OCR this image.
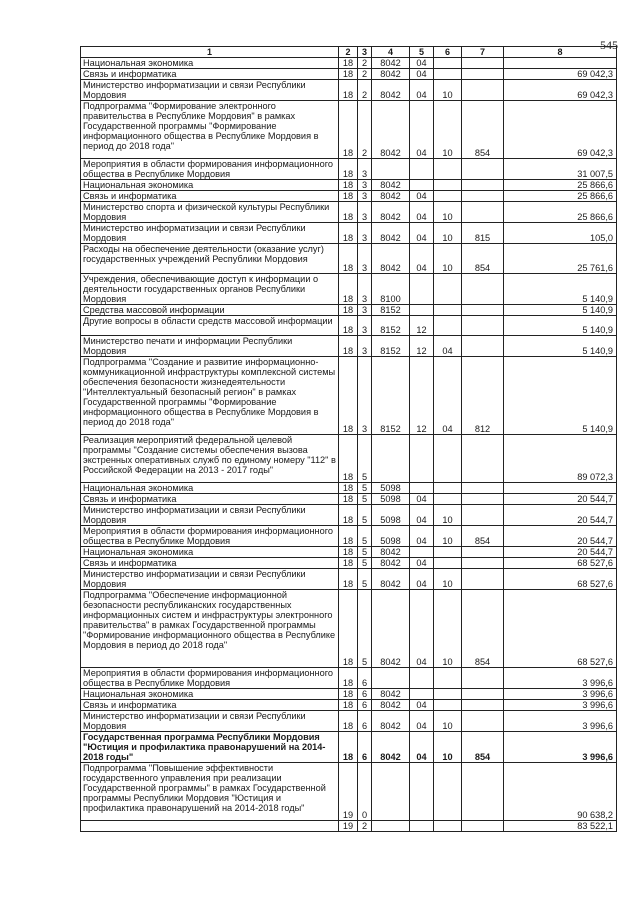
545
1	2	3	4	5	6	7	8
Национальная экономика	18	2	8042	04			
Связь и информатика	18	2	8042	04			69 042,3
Министерство информатизации и связи Республики Мордовия	18	2	8042	04	10		69 042,3
Подпрограмма "Формирование электронного правительства в Республике Мордовия" в рамках Государственной программы "Формирование информационного общества в Республике Мордовия в период до 2018 года"	18	2	8042	04	10	854	69 042,3
Мероприятия в области формирования информационного общества в Республике Мордовия	18	3					31 007,5
Национальная экономика	18	3	8042				25 866,6
Связь и информатика	18	3	8042	04			25 866,6
Министерство спорта и физической культуры Республики Мордовия	18	3	8042	04	10		25 866,6
Министерство информатизации и связи Республики Мордовия	18	3	8042	04	10	815	105,0
Расходы на обеспечение деятельности (оказание услуг) государственных учреждений Республики Мордовия	18	3	8042	04	10	854	25 761,6
Учреждения, обеспечивающие доступ к информации о деятельности государственных органов Республики Мордовия	18	3	8100				5 140,9
Средства массовой информации	18	3	8152				5 140,9
Другие вопросы в области средств массовой информации	18	3	8152	12			5 140,9
Министерство печати и информации Республики Мордовия	18	3	8152	12	04		5 140,9
Подпрограмма "Создание и развитие информационно-коммуникационной инфраструктуры комплексной системы обеспечения безопасности жизнедеятельности "Интеллектуальный безопасный регион" в рамках Государственной программы "Формирование информационного общества в Республике Мордовия в период до 2018 года"	18	3	8152	12	04	812	5 140,9
Реализация мероприятий федеральной целевой программы "Создание системы обеспечения вызова экстренных оперативных служб по единому номеру "112" в Российской Федерации на 2013 - 2017 годы"	18	5					89 072,3
Национальная экономика	18	5	5098				
Связь и информатика	18	5	5098	04			20 544,7
Министерство информатизации и связи Республики Мордовия	18	5	5098	04	10		20 544,7
Мероприятия в области формирования информационного общества в Республике Мордовия	18	5	5098	04	10	854	20 544,7
Национальная экономика	18	5	8042				20 544,7
Связь и информатика	18	5	8042	04			68 527,6
Министерство информатизации и связи Республики Мордовия	18	5	8042	04	10		68 527,6
Подпрограмма "Обеспечение информационной безопасности республиканских государственных информационных систем и инфраструктуры электронного правительства" в рамках Государственной программы "Формирование информационного общества в Республике Мордовия в период до 2018 года"	18	5	8042	04	10	854	68 527,6
Мероприятия в области формирования информационного общества в Республике Мордовия	18	6					3 996,6
Национальная экономика	18	6	8042				3 996,6
Связь и информатика	18	6	8042	04			3 996,6
Министерство информатизации и связи Республики Мордовия	18	6	8042	04	10		3 996,6
Государственная программа Республики Мордовия "Юстиция и профилактика правонарушений на 2014-2018 годы"	18	6	8042	04	10	854	3 996,6
Подпрограмма "Повышение эффективности государственного управления при реализации Государственной программы" в рамках Государственной программы Республики Мордовия "Юстиция и профилактика правонарушений на 2014-2018 годы"	19	0					90 638,2
	19	2					83 522,1
